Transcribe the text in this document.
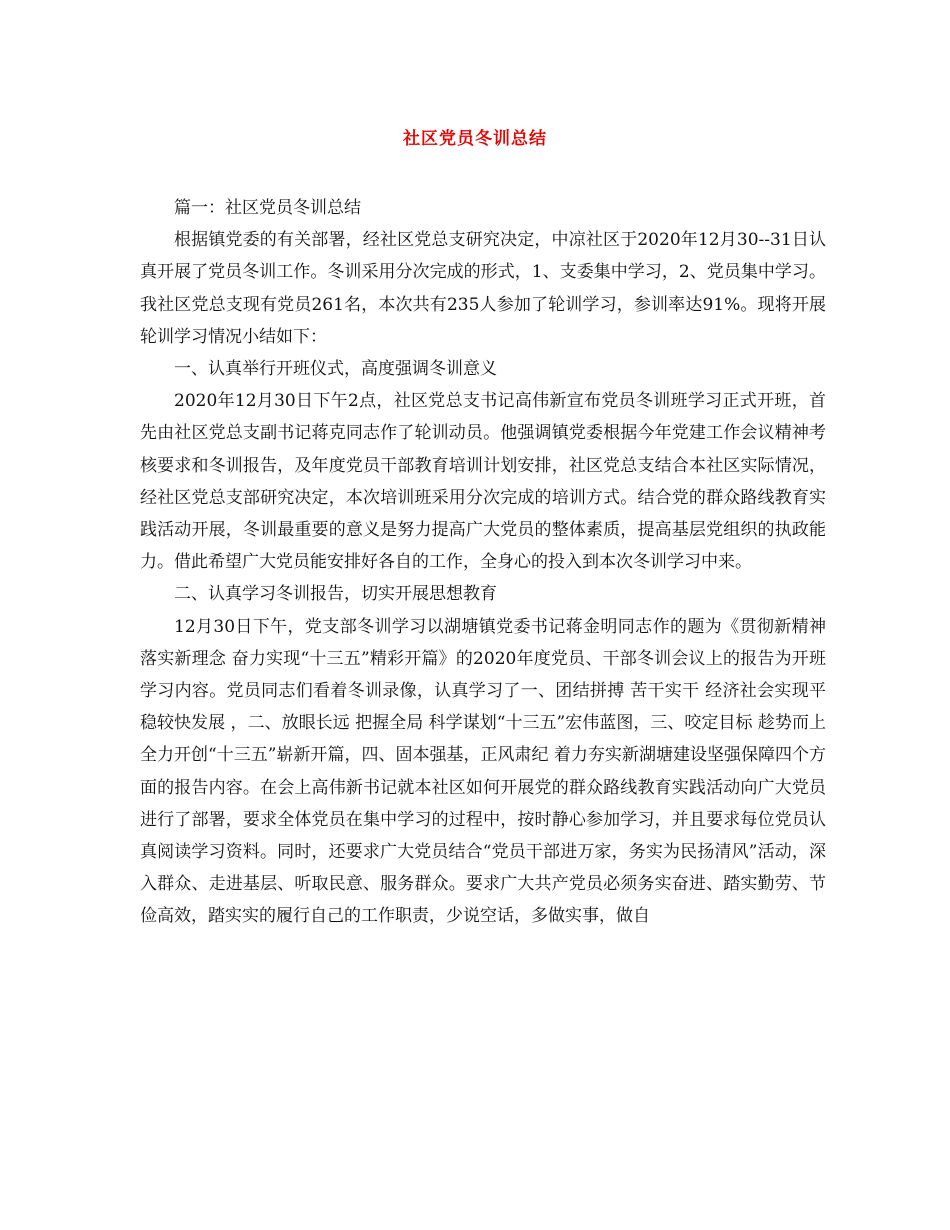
社区党员冬训总结

篇一：社区党员冬训总结

根据镇党委的有关部署，经社区党总支研究决定，中凉社区于2020年12月30--31日认真开展了党员冬训工作。冬训采用分次完成的形式，1、支委集中学习，2、党员集中学习。我社区党总支现有党员261名，本次共有235人参加了轮训学习，参训率达91%。现将开展轮训学习情况小结如下：

一、认真举行开班仪式，高度强调冬训意义

2020年12月30日下午2点，社区党总支书记高伟新宣布党员冬训班学习正式开班，首先由社区党总支副书记蒋克同志作了轮训动员。他强调镇党委根据今年党建工作会议精神考核要求和冬训报告，及年度党员干部教育培训计划安排，社区党总支结合本社区实际情况，经社区党总支部研究决定，本次培训班采用分次完成的培训方式。结合党的群众路线教育实践活动开展，冬训最重要的意义是努力提高广大党员的整体素质，提高基层党组织的执政能力。借此希望广大党员能安排好各自的工作，全身心的投入到本次冬训学习中来。

二、认真学习冬训报告，切实开展思想教育

12月30日下午，党支部冬训学习以湖塘镇党委书记蒋金明同志作的题为《贯彻新精神 落实新理念 奋力实现“十三五”精彩开篇》的2020年度党员、干部冬训会议上的报告为开班学习内容。党员同志们看着冬训录像，认真学习了一、团结拼搏 苦干实干 经济社会实现平稳较快发展 ，二、放眼长远 把握全局 科学谋划“十三五”宏伟蓝图，三、咬定目标 趁势而上 全力开创“十三五”崭新开篇，四、固本强基，正风肃纪 着力夯实新湖塘建设坚强保障四个方面的报告内容。在会上高伟新书记就本社区如何开展党的群众路线教育实践活动向广大党员进行了部署，要求全体党员在集中学习的过程中，按时静心参加学习，并且要求每位党员认真阅读学习资料。同时，还要求广大党员结合“党员干部进万家，务实为民扬清风”活动，深入群众、走进基层、听取民意、服务群众。要求广大共产党员必须务实奋进、踏实勤劳、节俭高效，踏实实的履行自己的工作职责，少说空话，多做实事，做自
